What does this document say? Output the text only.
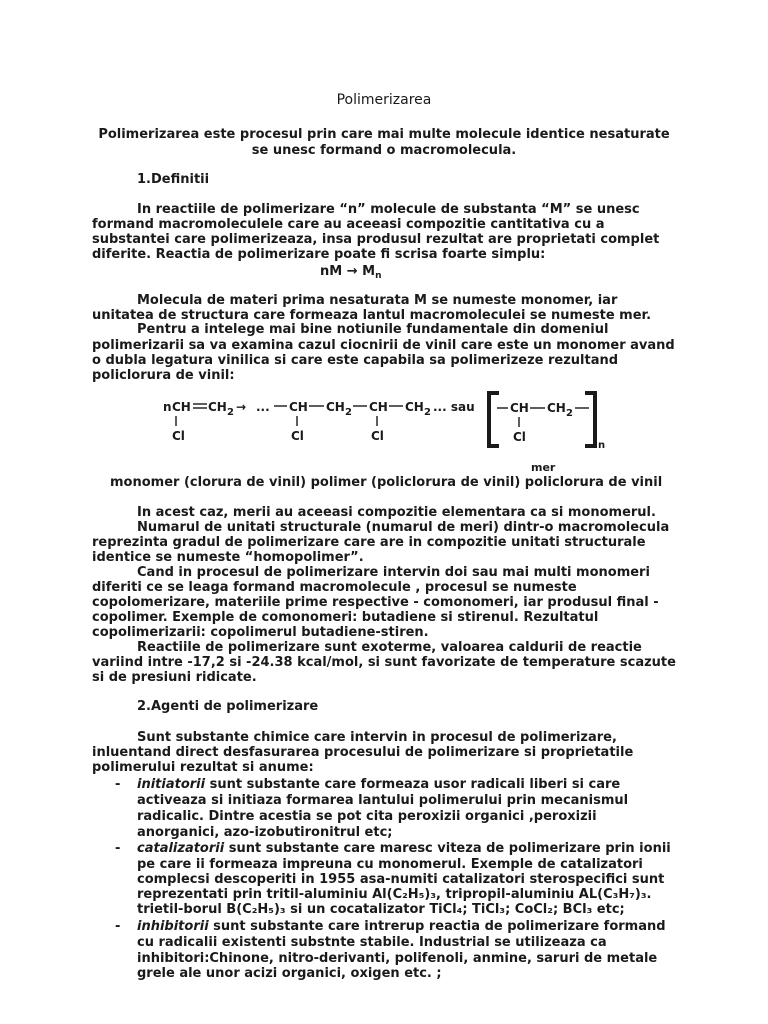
Polimerizarea
Polimerizarea este procesul prin care mai multe molecule identice nesaturate
se unesc formand o macromolecula.
1.Definitii
In reactiile de polimerizare “n” molecule de substanta “M” se unesc
formand macromoleculele care au aceeasi compozitie cantitativa cu a
substantei care polimerizeaza, insa produsul rezultat are proprietati complet
diferite. Reactia de polimerizare poate fi scrisa foarte simplu:
nM → $M_n$
Molecula de materi prima nesaturata M se numeste monomer, iar
unitatea de structura care formeaza lantul macromoleculei se numeste mer.
Pentru a intelege mai bine notiunile fundamentale din domeniul
polimerizarii sa va examina cazul ciocnirii de vinil care este un monomer avand
o dubla legatura vinilica si care este capabila sa polimerizeze rezultand
policlorura de vinil:
n CH CH 2 → ...
Cl
CH CH 2 CH CH 2 ... sau
Cl	Cl
CH CH 2
Cl
n
mer
monomer (clorura de vinil) polimer (policlorura de vinil) policlorura de vinil
In acest caz, merii au aceeasi compozitie elementara ca si monomerul.
Numarul de unitati structurale (numarul de meri) dintr-o macromolecula
reprezinta gradul de polimerizare care are in compozitie unitati structurale
identice se numeste “homopolimer”.
Cand in procesul de polimerizare intervin doi sau mai multi monomeri
diferiti ce se leaga formand macromolecule , procesul se numeste
copolomerizare, materiile prime respective - comonomeri, iar produsul final -
copolimer. Exemple de comonomeri: butadiene si stirenul. Rezultatul
copolimerizarii: copolimerul butadiene-stiren.
Reactiile de polimerizare sunt exoterme, valoarea caldurii de reactie
variind intre -17,2 si -24.38 kcal/mol, si sunt favorizate de temperature scazute
si de presiuni ridicate.
2.Agenti de polimerizare
Sunt substante chimice care intervin in procesul de polimerizare,
inluentand direct desfasurarea procesului de polimerizare si proprietatile
polimerului rezultat si anume:
- initiatorii sunt substante care formeaza usor radicali liberi si care
activeaza si initiaza formarea lantului polimerului prin mecanismul
radicalic. Dintre acestia se pot cita peroxizii organici ,peroxizii
anorganici, azo-izobutironitrul etc;
- catalizatorii sunt substante care maresc viteza de polimerizare prin ionii
pe care ii formeaza impreuna cu monomerul. Exemple de catalizatori
complecsi descoperiti in 1955 asa-numiti catalizatori sterospecifici sunt
reprezentati prin tritil-aluminiu Al(C₂H₅)₃, tripropil-aluminiu AL(C₃H₇)₃.
trietil-borul B(C₂H₅)₃ si un cocatalizator TiCl₄; TiCl₃; CoCl₂; BCl₃ etc;
- inhibitorii sunt substante care intrerup reactia de polimerizare formand
cu radicalii existenti substnte stabile. Industrial se utilizeaza ca
inhibitori:Chinone, nitro-derivanti, polifenoli, anmine, saruri de metale
grele ale unor acizi organici, oxigen etc. ;
